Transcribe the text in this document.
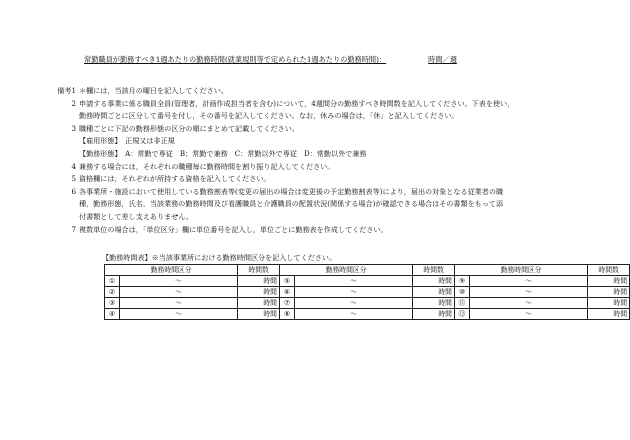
常勤職員が勤務すべき1週あたりの勤務時間(就業規則等で定められた1週あたりの勤務時間)：	時間／週
備考1 ＊欄には，当該月の曜日を記入してください。
2 申請する事業に係る職員全員(管理者，計画作成担当者を含む)について，4週間分の勤務すべき時間数を記入してください。下表を使い，
勤務時間ごとに区分して番号を付し，その番号を記入してください。なお，休みの場合は，「休」と記入してください。
3 職種ごとに下記の勤務形態の区分の順にまとめて記載してください。
【雇用形態】　正規又は非正規
【勤務形態】　A：常勤で専従　B；常勤で兼務　C：常勤以外で専従　D：常勤以外で兼務
4 兼務する場合には，それぞれの職種毎に勤務時間を割り振り記入してください。
5 資格欄には，それぞれが所持する資格を記入してください。
6 各事業所・施設において使用している勤務割表等(変更の届出の場合は変更後の予定勤務割表等)により，届出の対象となる従業者の職
種，勤務形態，氏名，当該業務の勤務時間及び看護職員と介護職員の配置状況(関係する場合)が確認できる場合はその書類をもって添
付書類として差し支えありません。
7 複数単位の場合は，「単位区分」欄に単位番号を記入し，単位ごとに勤務表を作成してください。
【勤務時間表】※当該事業所における勤務時間区分を記入してください。
勤務時間区分		時間数	勤務時間区分		時間数	勤務時間区分		時間数
①	〜	時間	⑤	〜	時間	⑨	〜	時間
②	〜	時間	⑥	〜	時間	⑩	〜	時間
③	〜	時間	⑦	〜	時間	⑪	〜	時間
④	〜	時間	⑧	〜	時間	⑫	〜	時間
